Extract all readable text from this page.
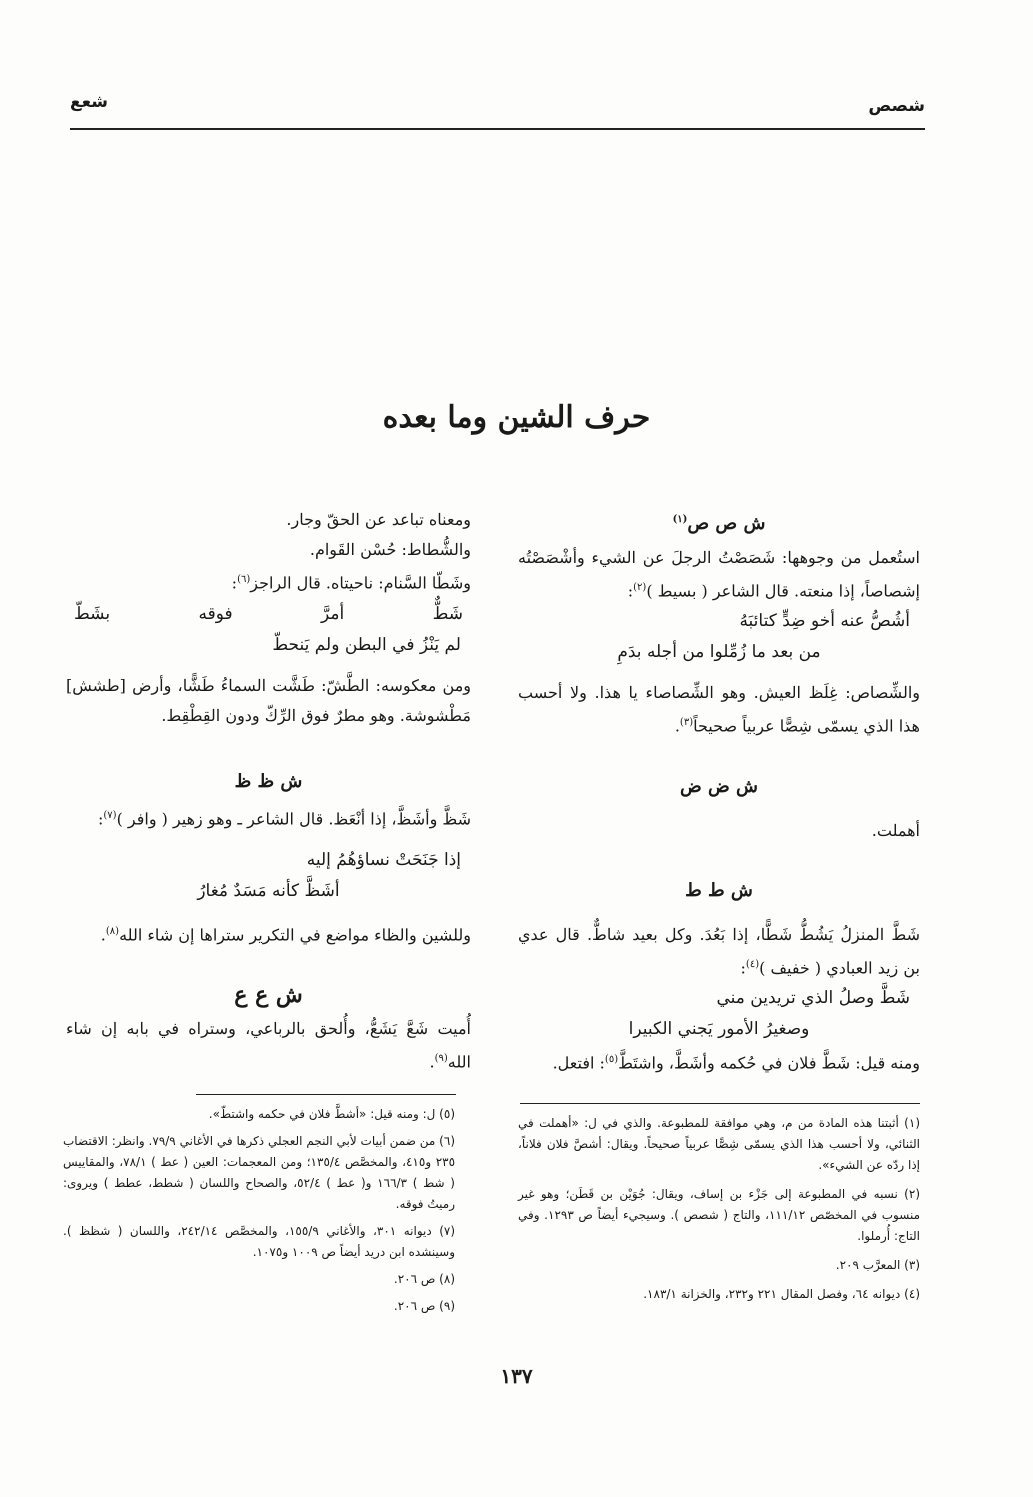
شصص
شعع
حرف الشين وما بعده

ش ص ص$^{(١)}$

استُعمل من وجوهها: شَصَصْتُ الرجلَ عن الشيء وأشْصَصْتُه إشصاصاً، إذا منعته. قال الشاعر ( بسيط )$^{(٢)}$:

أشُصُّ عنه أخو ضِدٍّ كتائبَهُ

من بعد ما زُمِّلوا من أجله بدَمِ

والشِّصاص: غِلَظ العيش. وهو الشِّصاصاء يا هذا. ولا أحسب هذا الذي يسمّى شِصًّا عربياً صحيحاً$^{(٣)}$.

ش ض ض

أهملت.

ش ط ط

شَطَّ المنزلُ يَشُطُّ شَطًّا، إذا بَعُدَ. وكل بعيد شاطٌّ. قال عدي بن زيد العبادي ( خفيف )$^{(٤)}$:

شَطَّ وصلُ الذي تريدين مني

وصغيرُ الأمور يَجني الكبيرا

ومنه قيل: شَطَّ فلان في حُكمه وأشَطَّ، واشتَطَّ$^{(٥)}$: افتعل.

ومعناه تباعد عن الحقّ وجار.

والشُّطاط: حُسْن القَوام.

وشَطّا السَّنام: ناحيتاه. قال الراجز$^{(٦)}$:

شَطٌّ
أمرَّ
فوقه
بشَطّ

لم يَنْزُ في البطن ولم يَنحطّ

ومن معكوسه: الطَّشّ: طَشَّت السماءُ طَشًّا، وأرض [طشش] مَطْشوشة. وهو مطرٌ فوق الرِّكّ ودون القِطْقِط.

ش ظ ظ

شَظَّ وأشَظَّ، إذا أنْعَظ. قال الشاعر ـ وهو زهير ( وافر )$^{(٧)}$:

إذا جَنَحَتْ نساؤهُمُ إليه

أشَظَّ كأنه مَسَدٌ مُغارُ

وللشين والظاء مواضع في التكرير ستراها إن شاء الله$^{(٨)}$.

ش ع ع

أُميت شَعَّ يَشَعُّ، وأُلحق بالرباعي، وستراه في بابه إن شاء الله$^{(٩)}$.

(١) أثبتنا هذه المادة من م، وهي موافقة للمطبوعة. والذي في ل: «أهملت في الثنائي، ولا أحسب هذا الذي يسمّى شِصًّا عربياً صحيحاً. ويقال: أشصَّ فلان فلاناً، إذا ردّه عن الشيء».

(٢) نسبه في المطبوعة إلى جَزْء بن إساف، ويقال: جُوَيْن بن قَطَن؛ وهو غير منسوب في المخصّص ١١١/١٢، والتاج ( شصص ). وسيجيء أيضاً ص ١٢٩٣. وفي التاج: أُرملوا.

(٣) المعرَّب ٢٠٩.

(٤) ديوانه ٦٤، وفصل المقال ٢٢١ و٢٣٢، والخزانة ١٨٣/١.

(٥) ل: ومنه قيل: «أشطَّ فلان في حكمه واشتطّ».

(٦) من ضمن أبيات لأبي النجم العجلي ذكرها في الأغاني ٧٩/٩. وانظر: الاقتضاب ٢٣٥ و٤١٥، والمخصَّص ١٣٥/٤؛ ومن المعجمات: العين ( عط ) ٧٨/١، والمقاييس ( شط ) ١٦٦/٣ و( عط ) ٥٢/٤، والصحاح واللسان ( شطط، عطط ) ويروى: رميتُ فوقه.

(٧) ديوانه ٣٠١، والأغاني ١٥٥/٩، والمخصَّص ٢٤٢/١٤، واللسان ( شظظ ). وسينشده ابن دريد أيضاً ص ١٠٠٩ و١٠٧٥.

(٨) ص ٢٠٦.

(٩) ص ٢٠٦.

١٣٧
